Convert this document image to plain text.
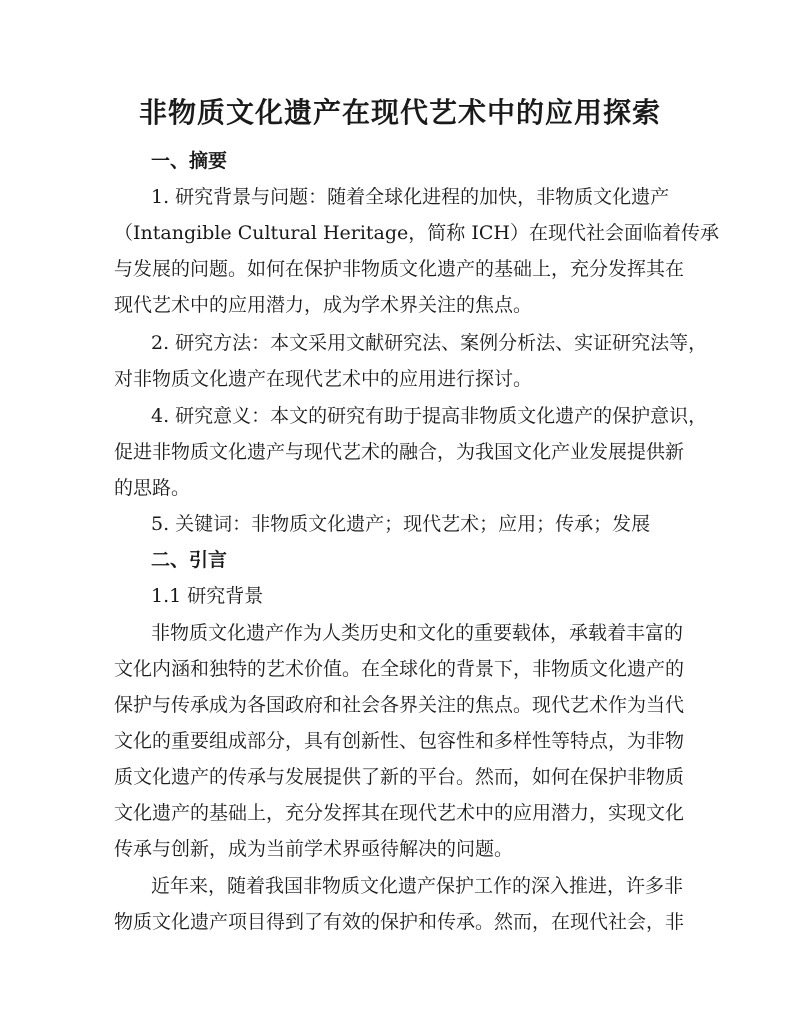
非物质文化遗产在现代艺术中的应用探索
一、摘要
1. 研究背景与问题：随着全球化进程的加快，非物质文化遗产
（Intangible Cultural Heritage，简称 ICH）在现代社会面临着传承
与发展的问题。如何在保护非物质文化遗产的基础上，充分发挥其在
现代艺术中的应用潜力，成为学术界关注的焦点。
2. 研究方法：本文采用文献研究法、案例分析法、实证研究法等，
对非物质文化遗产在现代艺术中的应用进行探讨。
4. 研究意义：本文的研究有助于提高非物质文化遗产的保护意识，
促进非物质文化遗产与现代艺术的融合，为我国文化产业发展提供新
的思路。
5. 关键词：非物质文化遗产；现代艺术；应用；传承；发展
二、引言
1.1 研究背景
非物质文化遗产作为人类历史和文化的重要载体，承载着丰富的
文化内涵和独特的艺术价值。在全球化的背景下，非物质文化遗产的
保护与传承成为各国政府和社会各界关注的焦点。现代艺术作为当代
文化的重要组成部分，具有创新性、包容性和多样性等特点，为非物
质文化遗产的传承与发展提供了新的平台。然而，如何在保护非物质
文化遗产的基础上，充分发挥其在现代艺术中的应用潜力，实现文化
传承与创新，成为当前学术界亟待解决的问题。
近年来，随着我国非物质文化遗产保护工作的深入推进，许多非
物质文化遗产项目得到了有效的保护和传承。然而，在现代社会，非
